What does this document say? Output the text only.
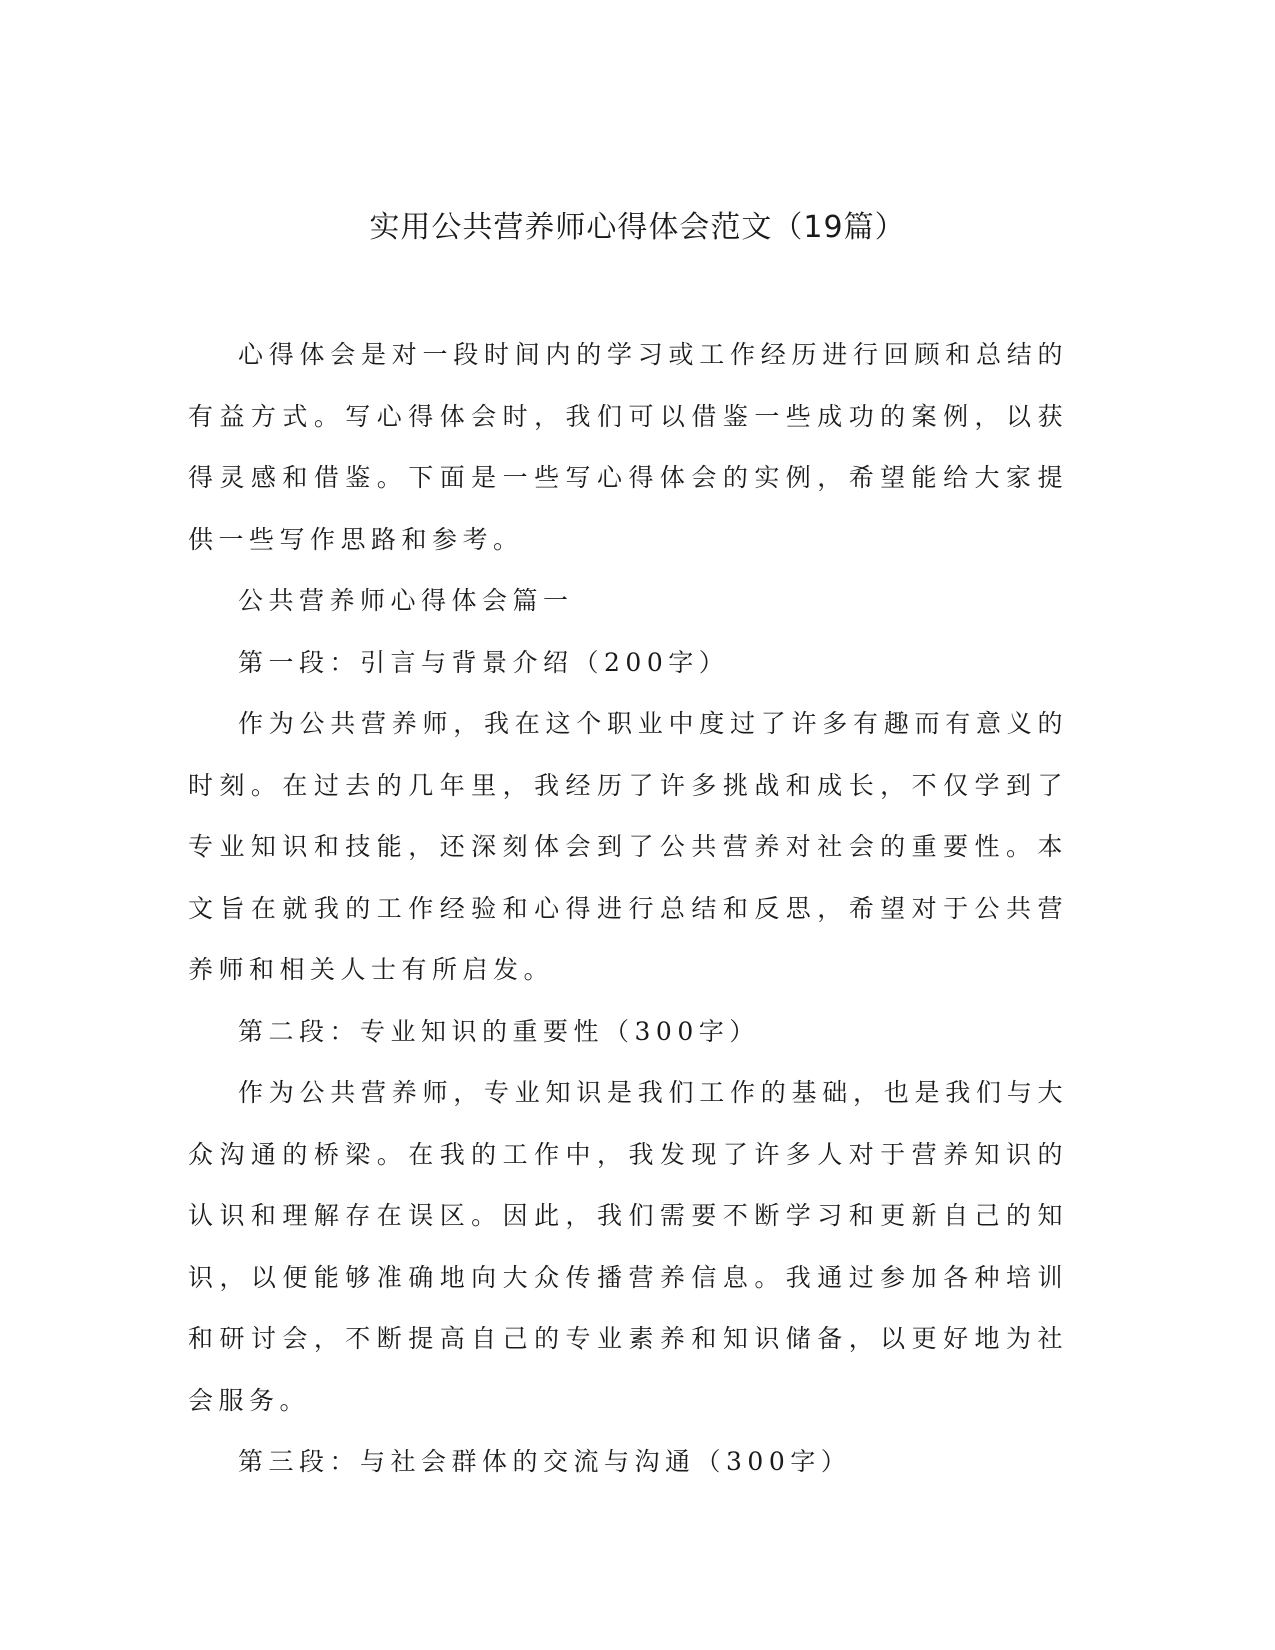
实用公共营养师心得体会范文（19篇）

心得体会是对一段时间内的学习或工作经历进行回顾和总结的有益方式。写心得体会时，我们可以借鉴一些成功的案例，以获得灵感和借鉴。下面是一些写心得体会的实例，希望能给大家提供一些写作思路和参考。

公共营养师心得体会篇一

第一段：引言与背景介绍（200字）

作为公共营养师，我在这个职业中度过了许多有趣而有意义的时刻。在过去的几年里，我经历了许多挑战和成长，不仅学到了专业知识和技能，还深刻体会到了公共营养对社会的重要性。本文旨在就我的工作经验和心得进行总结和反思，希望对于公共营养师和相关人士有所启发。

第二段：专业知识的重要性（300字）

作为公共营养师，专业知识是我们工作的基础，也是我们与大众沟通的桥梁。在我的工作中，我发现了许多人对于营养知识的认识和理解存在误区。因此，我们需要不断学习和更新自己的知识，以便能够准确地向大众传播营养信息。我通过参加各种培训和研讨会，不断提高自己的专业素养和知识储备，以更好地为社会服务。

第三段：与社会群体的交流与沟通（300字）
